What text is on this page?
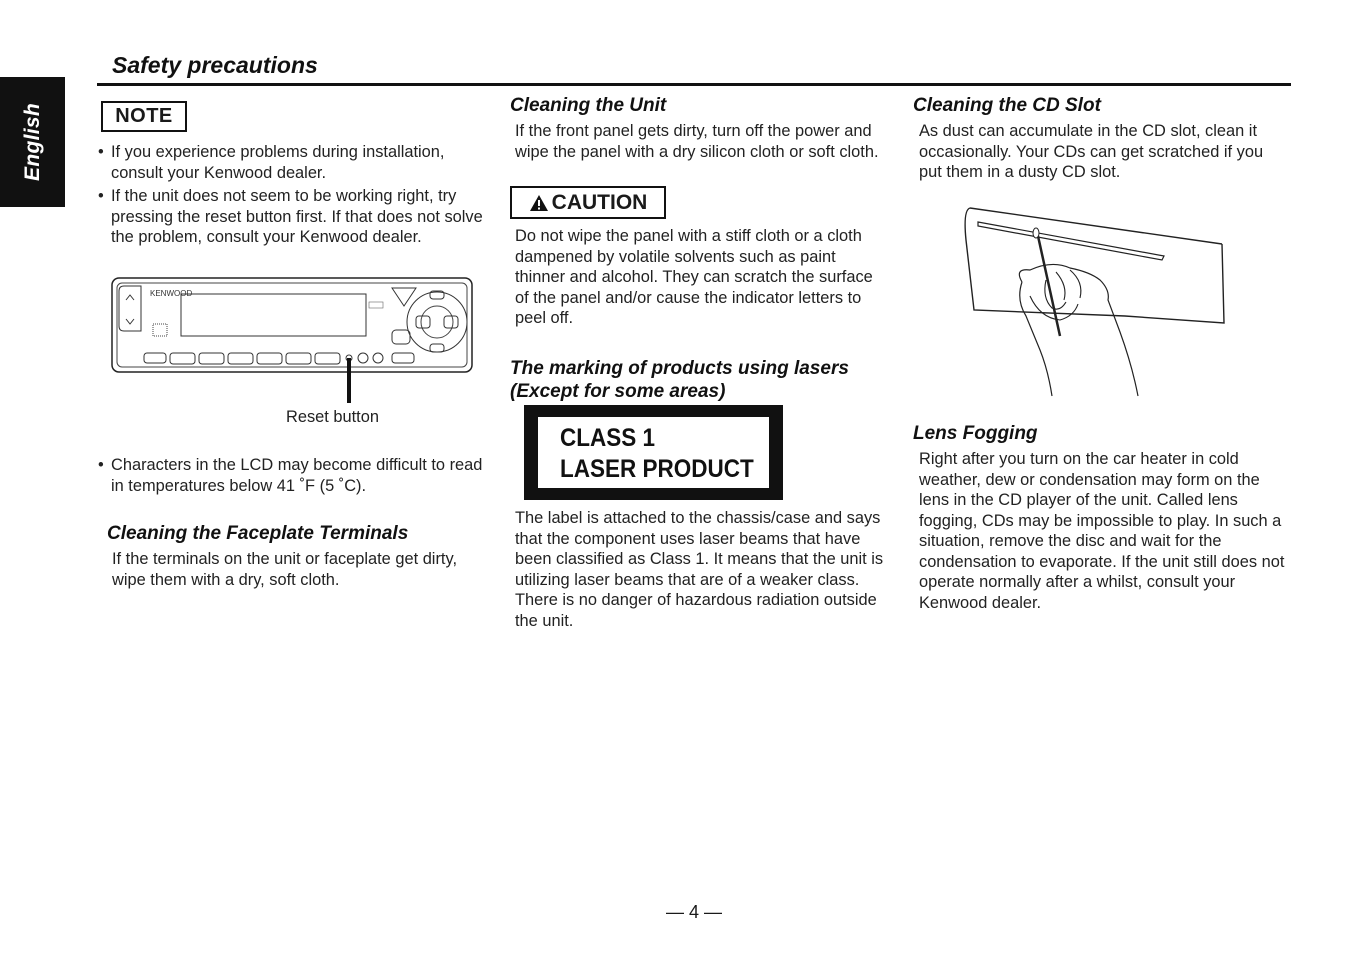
English
Safety precautions
NOTE

• If you experience problems during installation, consult your Kenwood dealer.

• If the unit does not seem to be working right, try pressing the reset button first. If that does not solve the problem, consult your Kenwood dealer.

KENWOOD
Reset button

• Characters in the LCD may become difficult to read in temperatures below 41 ˚F (5 ˚C).

Cleaning the Faceplate Terminals

If the terminals on the unit or faceplate get dirty, wipe them with a dry, soft cloth.

Cleaning the Unit

If the front panel gets dirty, turn off the power and wipe the panel with a dry silicon cloth or soft cloth.

CAUTION

Do not wipe the panel with a stiff cloth or a cloth dampened by volatile solvents such as paint thinner and alcohol. They can scratch the surface of the panel and/or cause the indicator letters to peel off.

The marking of products using lasers
(Except for some areas)
CLASS 1
LASER PRODUCT

The label is attached to the chassis/case and says that the component uses laser beams that have been classified as Class 1. It means that the unit is utilizing laser beams that are of a weaker class. There is no danger of hazardous radiation outside the unit.

Cleaning the CD Slot

As dust can accumulate in the CD slot, clean it occasionally. Your CDs can get scratched if you put them in a dusty CD slot.

Lens Fogging

Right after you turn on the car heater in cold weather, dew or condensation may form on the lens in the CD player of the unit. Called lens fogging, CDs may be impossible to play. In such a situation, remove the disc and wait for the condensation to evaporate. If the unit still does not operate normally after a whilst, consult your Kenwood dealer.

— 4 —
